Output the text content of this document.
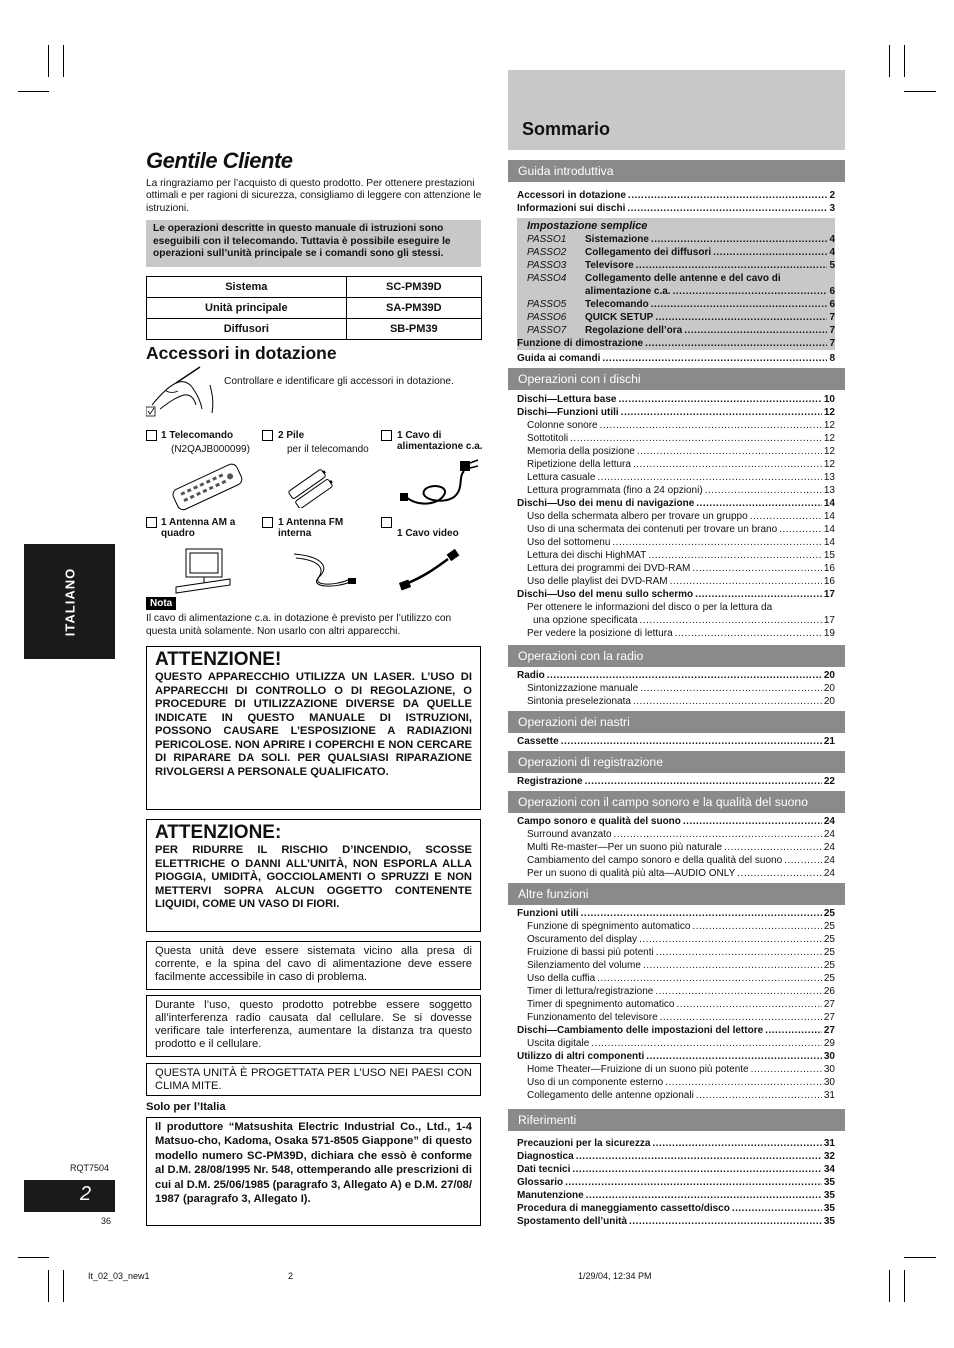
Gentile Cliente
La ringraziamo per l’acquisto di questo prodotto. Per ottenere prestazioni ottimali e per ragioni di sicurezza, consigliamo di leggere con attenzione le istruzioni.
Le operazioni descritte in questo manuale di istruzioni sono eseguibili con il telecomando. Tuttavia è possibile eseguire le operazioni sull’unità principale se i comandi sono gli stessi.
Sistema	SC-PM39D
Unità principale	SA-PM39D
Diffusori	SB-PM39
Accessori in dotazione
Controllare e identificare gli accessori in dotazione.
1 Telecomando
(N2QAJB000099)
2 Pile
per il telecomando
1 Cavo di alimentazione c.a.
1 Antenna AM a quadro
1 Antenna FM interna	1 Cavo video
Nota
Il cavo di alimentazione c.a. in dotazione è previsto per l’utilizzo con questa unità solamente. Non usarlo con altri apparecchi.
ATTENZIONE!

QUESTO APPARECCHIO UTILIZZA UN LASER. L’USO DI APPARECCHI DI CONTROLLO O DI REGOLAZIONE, O PROCEDURE DI UTILIZZAZIONE DIVERSE DA QUELLE INDICATE IN QUESTO MANUALE DI ISTRUZIONI, POSSONO CAUSARE L’ESPOSIZIONE A RADIAZIONI PERICOLOSE. NON APRIRE I COPERCHI E NON CERCARE DI RIPARARE DA SOLI. PER QUALSIASI RIPARAZIONE RIVOLGERSI A PERSONALE QUALIFICATO.

ATTENZIONE:

PER RIDURRE IL RISCHIO D’INCENDIO, SCOSSE ELETTRICHE O DANNI ALL’UNITÀ, NON ESPORLA ALLA PIOGGIA, UMIDITÀ, GOCCIOLAMENTI O SPRUZZI E NON METTERVI SOPRA ALCUN OGGETTO CONTENENTE LIQUIDI, COME UN VASO DI FIORI.

Questa unità deve essere sistemata vicino alla presa di corrente, e la spina del cavo di alimentazione deve essere facilmente accessibile in caso di problema.
Durante l’uso, questo prodotto potrebbe essere soggetto all’interferenza radio causata dal cellulare. Se si dovesse verificare tale interferenza, aumentare la distanza tra questo prodotto e il cellulare.
QUESTA UNITÀ È PROGETTATA PER L’USO NEI PAESI CON CLIMA MITE.
Solo per l’Italia
Il produttore “Matsushita Electric Industrial Co., Ltd., 1-4 Matsuo-cho, Kadoma, Osaka 571-8505 Giappone” di questo modello numero SC-PM39D, dichiara che essò è conforme al D.M. 28/08/1995 Nr. 548, ottemperando alle prescrizioni di cui al D.M. 25/06/1985 (paragrafo 3, Allegato A) e D.M. 27/08/ 1987 (paragrafo 3, Allegato I).
ITALIANO
RQT7504
2
36
Sommario
Guida introduttiva
Accessori in dotazione .....	2
Informazioni sui dischi .....	3
Impostazione semplice
PASSO1	Sistemazione .....	4
PASSO2	Collegamento dei diffusori .....	4
PASSO3	Televisore .....	5
PASSO4	Collegamento delle antenne e del cavo di
alimentazione c.a. .....	6
PASSO5	Telecomando .....	6
PASSO6	QUICK SETUP .....	7
PASSO7	Regolazione dell’ora .....	7
Funzione di dimostrazione .....	7
Guida ai comandi .....	8
Operazioni con i dischi
Dischi—Lettura base .....	10
Dischi—Funzioni utili .....	12
Colonne sonore .....	12
Sottotitoli .....	12
Memoria della posizione .....	12
Ripetizione della lettura .....	12
Lettura casuale .....	13
Lettura programmata (fino a 24 opzioni) .....	13
Dischi—Uso dei menu di navigazione .....	14
Uso della schermata albero per trovare un gruppo .....	14
Uso di una schermata dei contenuti per trovare un brano .....	14
Uso del sottomenu .....	14
Lettura dei dischi HighMAT .....	15
Lettura dei programmi dei DVD-RAM .....	16
Uso delle playlist dei DVD-RAM .....	16
Dischi—Uso del menu sullo schermo .....	17
Per ottenere le informazioni del disco o per la lettura da
una opzione specificata .....	17
Per vedere la posizione di lettura .....	19
Operazioni con la radio
Radio .....	20
Sintonizzazione manuale .....	20
Sintonia preselezionata .....	20
Operazioni dei nastri
Cassette .....	21
Operazioni di registrazione
Registrazione .....	22
Operazioni con il campo sonoro e la qualità del suono
Campo sonoro e qualità del suono .....	24
Surround avanzato .....	24
Multi Re-master—Per un suono più naturale .....	24
Cambiamento del campo sonoro e della qualità del suono .....	24
Per un suono di qualità più alta—AUDIO ONLY .....	24
Altre funzioni
Funzioni utili .....	25
Funzione di spegnimento automatico .....	25
Oscuramento del display .....	25
Fruizione di bassi più potenti .....	25
Silenziamento del volume .....	25
Uso della cuffia .....	25
Timer di lettura/registrazione .....	26
Timer di spegnimento automatico .....	27
Funzionamento del televisore .....	27
Dischi—Cambiamento delle impostazioni del lettore .....	27
Uscita digitale .....	29
Utilizzo di altri componenti .....	30
Home Theater—Fruizione di un suono più potente .....	30
Uso di un componente esterno .....	30
Collegamento delle antenne opzionali .....	31
Riferimenti
Precauzioni per la sicurezza .....	31
Diagnostica .....	32
Dati tecnici .....	34
Glossario .....	35
Manutenzione .....	35
Procedura di maneggiamento cassetto/disco .....	35
Spostamento dell’unità .....	35
It_02_03_new1	2	1/29/04, 12:34 PM
